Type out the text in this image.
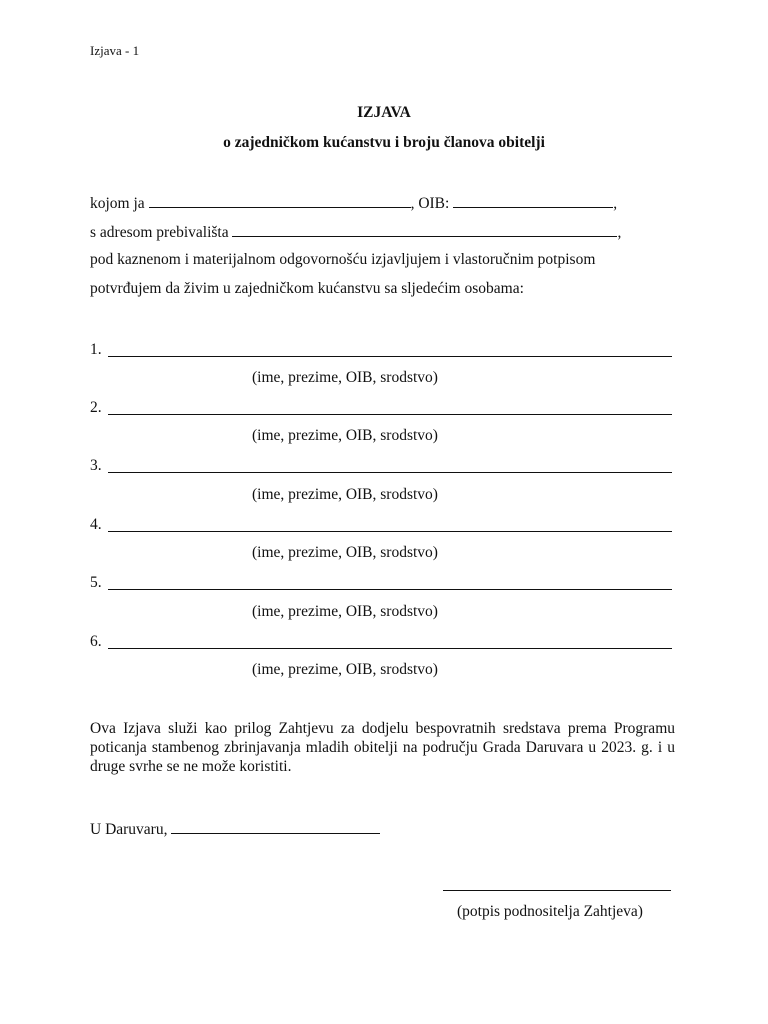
Izjava - 1
IZJAVA
o zajedničkom kućanstvu i broju članova obitelji
kojom ja	, OIB:	,
s adresom prebivališta	,
pod kaznenom i materijalnom odgovornošću izjavljujem i vlastoručnim potpisom
potvrđujem da živim u zajedničkom kućanstvu sa sljedećim osobama:
1.
(ime, prezime, OIB, srodstvo)
2.
(ime, prezime, OIB, srodstvo)
3.
(ime, prezime, OIB, srodstvo)
4.
(ime, prezime, OIB, srodstvo)
5.
(ime, prezime, OIB, srodstvo)
6.
(ime, prezime, OIB, srodstvo)
Ova Izjava služi kao prilog Zahtjevu za dodjelu bespovratnih sredstava prema Programu poticanja stambenog zbrinjavanja mladih obitelji na području Grada Daruvara u 2023. g. i u druge svrhe se ne može koristiti.
U Daruvaru,
(potpis podnositelja Zahtjeva)
